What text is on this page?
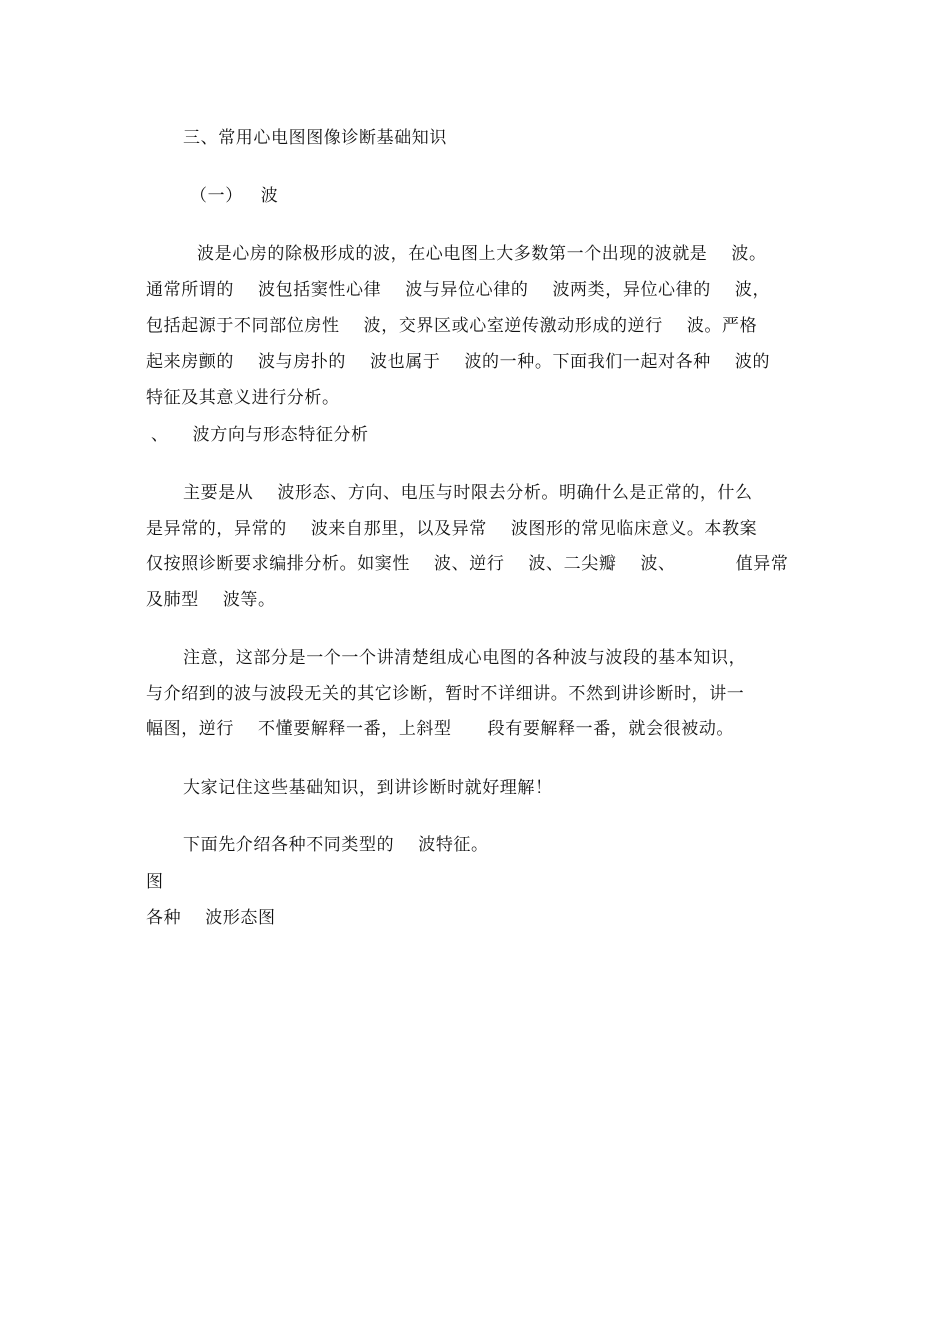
三、常用心电图图像诊断基础知识
（一）   波
波是心房的除极形成的波，在心电图上大多数第一个出现的波就是    波。
通常所谓的    波包括窦性心律    波与异位心律的    波两类，异位心律的    波，
包括起源于不同部位房性    波，交界区或心室逆传激动形成的逆行    波。严格
起来房颤的    波与房扑的    波也属于    波的一种。下面我们一起对各种    波的
特征及其意义进行分析。
、    波方向与形态特征分析
主要是从    波形态、方向、电压与时限去分析。明确什么是正常的，什么
是异常的，异常的    波来自那里，以及异常    波图形的常见临床意义。本教案
仅按照诊断要求编排分析。如窦性    波、逆行    波、二尖瓣    波、          值异常
及肺型    波等。
注意，这部分是一个一个讲清楚组成心电图的各种波与波段的基本知识，
与介绍到的波与波段无关的其它诊断，暂时不详细讲。不然到讲诊断时，讲一
幅图，逆行    不懂要解释一番，上斜型      段有要解释一番，就会很被动。
大家记住这些基础知识，到讲诊断时就好理解！
下面先介绍各种不同类型的    波特征。
图
各种    波形态图
